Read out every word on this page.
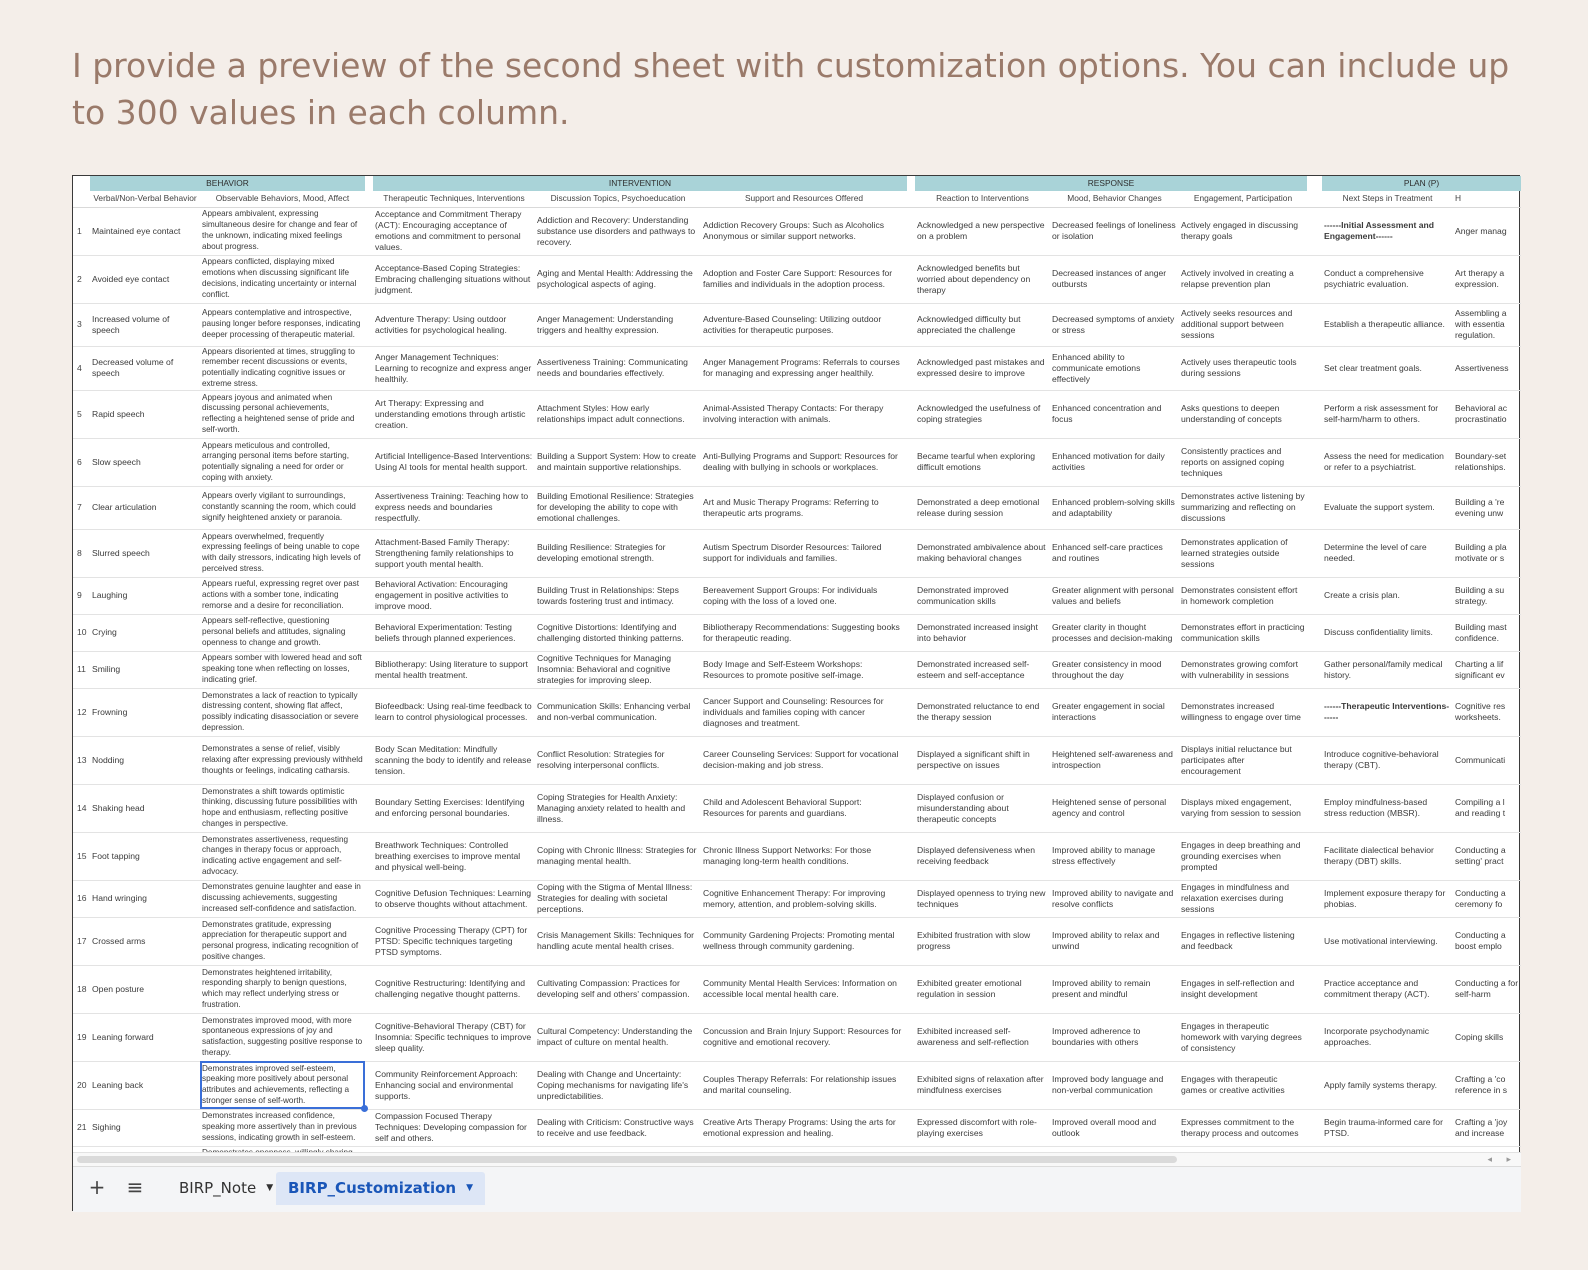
I provide a preview of the second sheet with customization options. You can include up to 300 values in each column.
	BEHAVIOR			INTERVENTION				RESPONSE				PLAN (P)	
	Verbal/Non-Verbal Behavior	Observable Behaviors, Mood, Affect		Therapeutic Techniques, Interventions	Discussion Topics, Psychoeducation	Support and Resources Offered		Reaction to Interventions	Mood, Behavior Changes	Engagement, Participation		Next Steps in Treatment	H
1	Maintained eye contact	Appears ambivalent, expressing simultaneous desire for change and fear of the unknown, indicating mixed feelings about progress.		Acceptance and Commitment Therapy (ACT): Encouraging acceptance of emotions and commitment to personal values.	Addiction and Recovery: Understanding substance use disorders and pathways to recovery.	Addiction Recovery Groups: Such as Alcoholics Anonymous or similar support networks.		Acknowledged a new perspective on a problem	Decreased feelings of loneliness or isolation	Actively engaged in discussing therapy goals		------Initial Assessment and Engagement------	Anger manag
2	Avoided eye contact	Appears conflicted, displaying mixed emotions when discussing significant life decisions, indicating uncertainty or internal conflict.		Acceptance-Based Coping Strategies: Embracing challenging situations without judgment.	Aging and Mental Health: Addressing the psychological aspects of aging.	Adoption and Foster Care Support: Resources for families and individuals in the adoption process.		Acknowledged benefits but worried about dependency on therapy	Decreased instances of anger outbursts	Actively involved in creating a relapse prevention plan		Conduct a comprehensive psychiatric evaluation.	Art therapy a expression.
3	Increased volume of speech	Appears contemplative and introspective, pausing longer before responses, indicating deeper processing of therapeutic material.		Adventure Therapy: Using outdoor activities for psychological healing.	Anger Management: Understanding triggers and healthy expression.	Adventure-Based Counseling: Utilizing outdoor activities for therapeutic purposes.		Acknowledged difficulty but appreciated the challenge	Decreased symptoms of anxiety or stress	Actively seeks resources and additional support between sessions		Establish a therapeutic alliance.	Assembling a with essentia regulation.
4	Decreased volume of speech	Appears disoriented at times, struggling to remember recent discussions or events, potentially indicating cognitive issues or extreme stress.		Anger Management Techniques: Learning to recognize and express anger healthily.	Assertiveness Training: Communicating needs and boundaries effectively.	Anger Management Programs: Referrals to courses for managing and expressing anger healthily.		Acknowledged past mistakes and expressed desire to improve	Enhanced ability to communicate emotions effectively	Actively uses therapeutic tools during sessions		Set clear treatment goals.	Assertiveness
5	Rapid speech	Appears joyous and animated when discussing personal achievements, reflecting a heightened sense of pride and self-worth.		Art Therapy: Expressing and understanding emotions through artistic creation.	Attachment Styles: How early relationships impact adult connections.	Animal-Assisted Therapy Contacts: For therapy involving interaction with animals.		Acknowledged the usefulness of coping strategies	Enhanced concentration and focus	Asks questions to deepen understanding of concepts		Perform a risk assessment for self-harm/harm to others.	Behavioral ac procrastinatio
6	Slow speech	Appears meticulous and controlled, arranging personal items before starting, potentially signaling a need for order or coping with anxiety.		Artificial Intelligence-Based Interventions: Using AI tools for mental health support.	Building a Support System: How to create and maintain supportive relationships.	Anti-Bullying Programs and Support: Resources for dealing with bullying in schools or workplaces.		Became tearful when exploring difficult emotions	Enhanced motivation for daily activities	Consistently practices and reports on assigned coping techniques		Assess the need for medication or refer to a psychiatrist.	Boundary-set relationships.
7	Clear articulation	Appears overly vigilant to surroundings, constantly scanning the room, which could signify heightened anxiety or paranoia.		Assertiveness Training: Teaching how to express needs and boundaries respectfully.	Building Emotional Resilience: Strategies for developing the ability to cope with emotional challenges.	Art and Music Therapy Programs: Referring to therapeutic arts programs.		Demonstrated a deep emotional release during session	Enhanced problem-solving skills and adaptability	Demonstrates active listening by summarizing and reflecting on discussions		Evaluate the support system.	Building a 're evening unw
8	Slurred speech	Appears overwhelmed, frequently expressing feelings of being unable to cope with daily stressors, indicating high levels of perceived stress.		Attachment-Based Family Therapy: Strengthening family relationships to support youth mental health.	Building Resilience: Strategies for developing emotional strength.	Autism Spectrum Disorder Resources: Tailored support for individuals and families.		Demonstrated ambivalence about making behavioral changes	Enhanced self-care practices and routines	Demonstrates application of learned strategies outside sessions		Determine the level of care needed.	Building a pla motivate or s
9	Laughing	Appears rueful, expressing regret over past actions with a somber tone, indicating remorse and a desire for reconciliation.		Behavioral Activation: Encouraging engagement in positive activities to improve mood.	Building Trust in Relationships: Steps towards fostering trust and intimacy.	Bereavement Support Groups: For individuals coping with the loss of a loved one.		Demonstrated improved communication skills	Greater alignment with personal values and beliefs	Demonstrates consistent effort in homework completion		Create a crisis plan.	Building a su strategy.
10	Crying	Appears self-reflective, questioning personal beliefs and attitudes, signaling openness to change and growth.		Behavioral Experimentation: Testing beliefs through planned experiences.	Cognitive Distortions: Identifying and challenging distorted thinking patterns.	Bibliotherapy Recommendations: Suggesting books for therapeutic reading.		Demonstrated increased insight into behavior	Greater clarity in thought processes and decision-making	Demonstrates effort in practicing communication skills		Discuss confidentiality limits.	Building mast confidence.
11	Smiling	Appears somber with lowered head and soft speaking tone when reflecting on losses, indicating grief.		Bibliotherapy: Using literature to support mental health treatment.	Cognitive Techniques for Managing Insomnia: Behavioral and cognitive strategies for improving sleep.	Body Image and Self-Esteem Workshops: Resources to promote positive self-image.		Demonstrated increased self-esteem and self-acceptance	Greater consistency in mood throughout the day	Demonstrates growing comfort with vulnerability in sessions		Gather personal/family medical history.	Charting a lif significant ev
12	Frowning	Demonstrates a lack of reaction to typically distressing content, showing flat affect, possibly indicating disassociation or severe depression.		Biofeedback: Using real-time feedback to learn to control physiological processes.	Communication Skills: Enhancing verbal and non-verbal communication.	Cancer Support and Counseling: Resources for individuals and families coping with cancer diagnoses and treatment.		Demonstrated reluctance to end the therapy session	Greater engagement in social interactions	Demonstrates increased willingness to engage over time		------Therapeutic Interventions------	Cognitive res worksheets.
13	Nodding	Demonstrates a sense of relief, visibly relaxing after expressing previously withheld thoughts or feelings, indicating catharsis.		Body Scan Meditation: Mindfully scanning the body to identify and release tension.	Conflict Resolution: Strategies for resolving interpersonal conflicts.	Career Counseling Services: Support for vocational decision-making and job stress.		Displayed a significant shift in perspective on issues	Heightened self-awareness and introspection	Displays initial reluctance but participates after encouragement		Introduce cognitive-behavioral therapy (CBT).	Communicati
14	Shaking head	Demonstrates a shift towards optimistic thinking, discussing future possibilities with hope and enthusiasm, reflecting positive changes in perspective.		Boundary Setting Exercises: Identifying and enforcing personal boundaries.	Coping Strategies for Health Anxiety: Managing anxiety related to health and illness.	Child and Adolescent Behavioral Support: Resources for parents and guardians.		Displayed confusion or misunderstanding about therapeutic concepts	Heightened sense of personal agency and control	Displays mixed engagement, varying from session to session		Employ mindfulness-based stress reduction (MBSR).	Compiling a l and reading t
15	Foot tapping	Demonstrates assertiveness, requesting changes in therapy focus or approach, indicating active engagement and self-advocacy.		Breathwork Techniques: Controlled breathing exercises to improve mental and physical well-being.	Coping with Chronic Illness: Strategies for managing mental health.	Chronic Illness Support Networks: For those managing long-term health conditions.		Displayed defensiveness when receiving feedback	Improved ability to manage stress effectively	Engages in deep breathing and grounding exercises when prompted		Facilitate dialectical behavior therapy (DBT) skills.	Conducting a setting' pract
16	Hand wringing	Demonstrates genuine laughter and ease in discussing achievements, suggesting increased self-confidence and satisfaction.		Cognitive Defusion Techniques: Learning to observe thoughts without attachment.	Coping with the Stigma of Mental Illness: Strategies for dealing with societal perceptions.	Cognitive Enhancement Therapy: For improving memory, attention, and problem-solving skills.		Displayed openness to trying new techniques	Improved ability to navigate and resolve conflicts	Engages in mindfulness and relaxation exercises during sessions		Implement exposure therapy for phobias.	Conducting a ceremony fo
17	Crossed arms	Demonstrates gratitude, expressing appreciation for therapeutic support and personal progress, indicating recognition of positive changes.		Cognitive Processing Therapy (CPT) for PTSD: Specific techniques targeting PTSD symptoms.	Crisis Management Skills: Techniques for handling acute mental health crises.	Community Gardening Projects: Promoting mental wellness through community gardening.		Exhibited frustration with slow progress	Improved ability to relax and unwind	Engages in reflective listening and feedback		Use motivational interviewing.	Conducting a boost emplo
18	Open posture	Demonstrates heightened irritability, responding sharply to benign questions, which may reflect underlying stress or frustration.		Cognitive Restructuring: Identifying and challenging negative thought patterns.	Cultivating Compassion: Practices for developing self and others' compassion.	Community Mental Health Services: Information on accessible local mental health care.		Exhibited greater emotional regulation in session	Improved ability to remain present and mindful	Engages in self-reflection and insight development		Practice acceptance and commitment therapy (ACT).	Conducting a for self-harm
19	Leaning forward	Demonstrates improved mood, with more spontaneous expressions of joy and satisfaction, suggesting positive response to therapy.		Cognitive-Behavioral Therapy (CBT) for Insomnia: Specific techniques to improve sleep quality.	Cultural Competency: Understanding the impact of culture on mental health.	Concussion and Brain Injury Support: Resources for cognitive and emotional recovery.		Exhibited increased self-awareness and self-reflection	Improved adherence to boundaries with others	Engages in therapeutic homework with varying degrees of consistency		Incorporate psychodynamic approaches.	Coping skills
20	Leaning back	Demonstrates improved self-esteem, speaking more positively about personal attributes and achievements, reflecting a stronger sense of self-worth.		Community Reinforcement Approach: Enhancing social and environmental supports.	Dealing with Change and Uncertainty: Coping mechanisms for navigating life's unpredictabilities.	Couples Therapy Referrals: For relationship issues and marital counseling.		Exhibited signs of relaxation after mindfulness exercises	Improved body language and non-verbal communication	Engages with therapeutic games or creative activities		Apply family systems therapy.	Crafting a 'co reference in s
21	Sighing	Demonstrates increased confidence, speaking more assertively than in previous sessions, indicating growth in self-esteem.		Compassion Focused Therapy Techniques: Developing compassion for self and others.	Dealing with Criticism: Constructive ways to receive and use feedback.	Creative Arts Therapy Programs: Using the arts for emotional expression and healing.		Expressed discomfort with role-playing exercises	Improved overall mood and outlook	Expresses commitment to the therapy process and outcomes		Begin trauma-informed care for PTSD.	Crafting a 'joy and increase

◂ ▸
+ ≡	BIRP_Note ▼ BIRP_Customization ▼
